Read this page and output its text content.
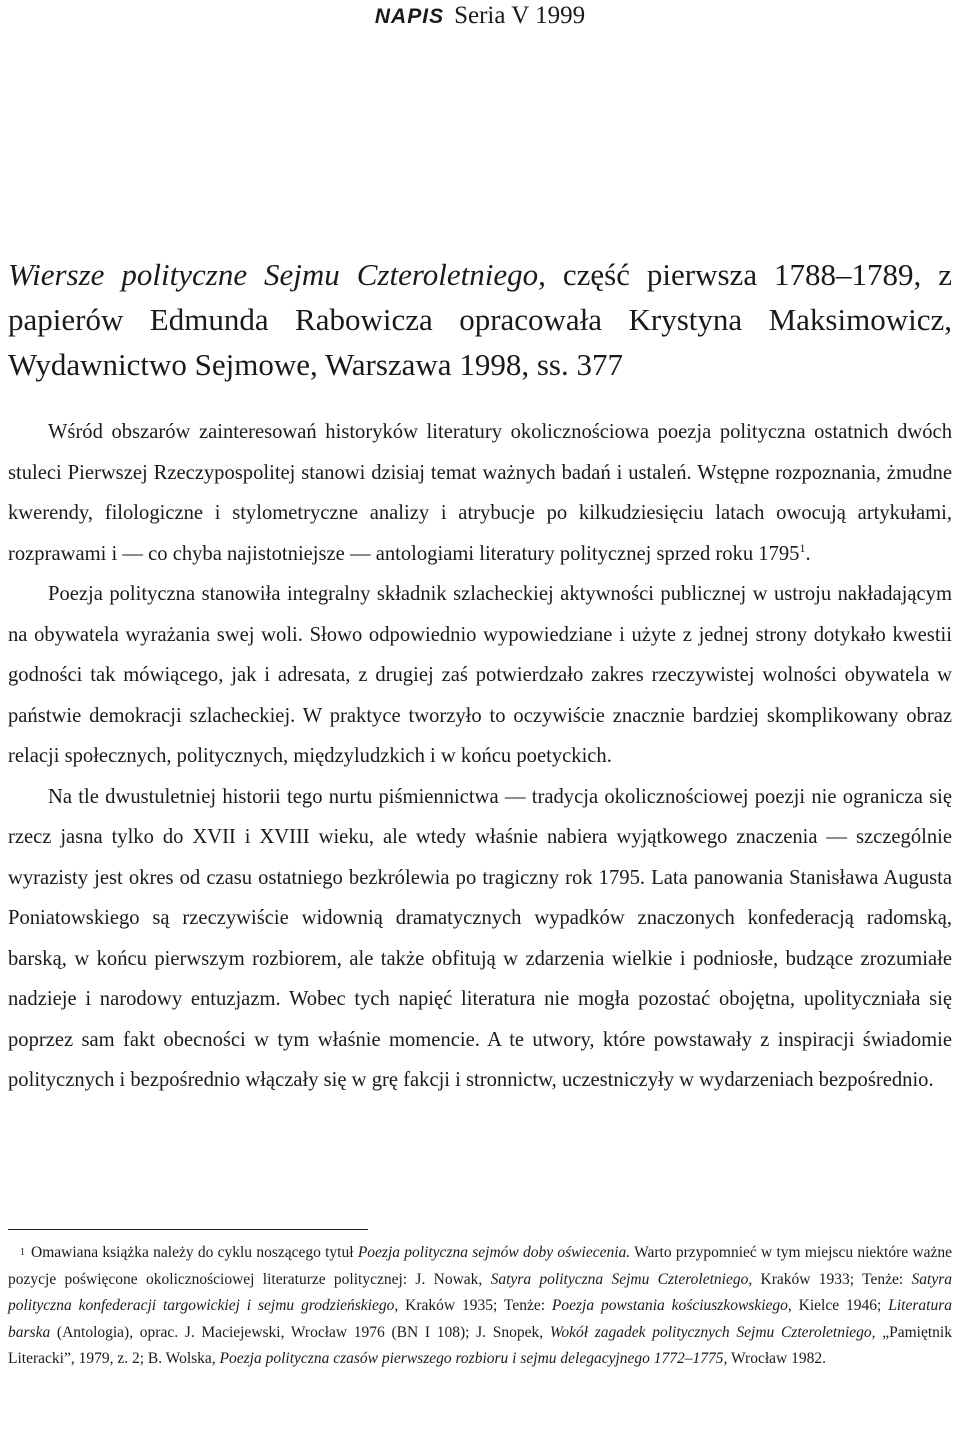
NAPIS Seria V 1999
Wiersze polityczne Sejmu Czteroletniego, część pierwsza 1788–1789, z papierów Edmunda Rabowicza opracowała Krystyna Maksimowicz, Wydawnictwo Sejmowe, Warszawa 1998, ss. 377

Wśród obszarów zainteresowań historyków literatury okolicznościowa poezja polityczna ostatnich dwóch stuleci Pierwszej Rzeczypospolitej stanowi dzisiaj temat ważnych badań i ustaleń. Wstępne rozpoznania, żmudne kwerendy, filologiczne i stylometryczne analizy i atrybucje po kilkudziesięciu latach owocują artykułami, rozprawami i — co chyba najistotniejsze — antologiami literatury politycznej sprzed roku 1795$^1$.

Poezja polityczna stanowiła integralny składnik szlacheckiej aktywności publicznej w ustroju nakładającym na obywatela wyrażania swej woli. Słowo odpowiednio wypowiedziane i użyte z jednej strony dotykało kwestii godności tak mówiącego, jak i adresata, z drugiej zaś potwierdzało zakres rzeczywistej wolności obywatela w państwie demokracji szlacheckiej. W praktyce tworzyło to oczywiście znacznie bardziej skomplikowany obraz relacji społecznych, politycznych, międzyludzkich i w końcu poetyckich.

Na tle dwustuletniej historii tego nurtu piśmiennictwa — tradycja okolicznościowej poezji nie ogranicza się rzecz jasna tylko do XVII i XVIII wieku, ale wtedy właśnie nabiera wyjątkowego znaczenia — szczególnie wyrazisty jest okres od czasu ostatniego bezkrólewia po tragiczny rok 1795. Lata panowania Stanisława Augusta Poniatowskiego są rzeczywiście widownią dramatycznych wypadków znaczonych konfederacją radomską, barską, w końcu pierwszym rozbiorem, ale także obfitują w zdarzenia wielkie i podniosłe, budzące zrozumiałe nadzieje i narodowy entuzjazm. Wobec tych napięć literatura nie mogła pozostać obojętna, upolityczniała się poprzez sam fakt obecności w tym właśnie momencie. A te utwory, które powstawały z inspiracji świadomie politycznych i bezpośrednio włączały się w grę fakcji i stronnictw, uczestniczyły w wydarzeniach bezpośrednio.

$^1$ Omawiana książka należy do cyklu noszącego tytuł Poezja polityczna sejmów doby oświecenia. Warto przypomnieć w tym miejscu niektóre ważne pozycje poświęcone okolicznościowej literaturze politycznej: J. Nowak, Satyra polityczna Sejmu Czteroletniego, Kraków 1933; Tenże: Satyra polityczna konfederacji targowickiej i sejmu grodzieńskiego, Kraków 1935; Tenże: Poezja powstania kościuszkowskiego, Kielce 1946; Literatura barska (Antologia), oprac. J. Maciejewski, Wrocław 1976 (BN I 108); J. Snopek, Wokół zagadek politycznych Sejmu Czteroletniego, „Pamiętnik Literacki”, 1979, z. 2; B. Wolska, Poezja polityczna czasów pierwszego rozbioru i sejmu delegacyjnego 1772–1775, Wrocław 1982.
